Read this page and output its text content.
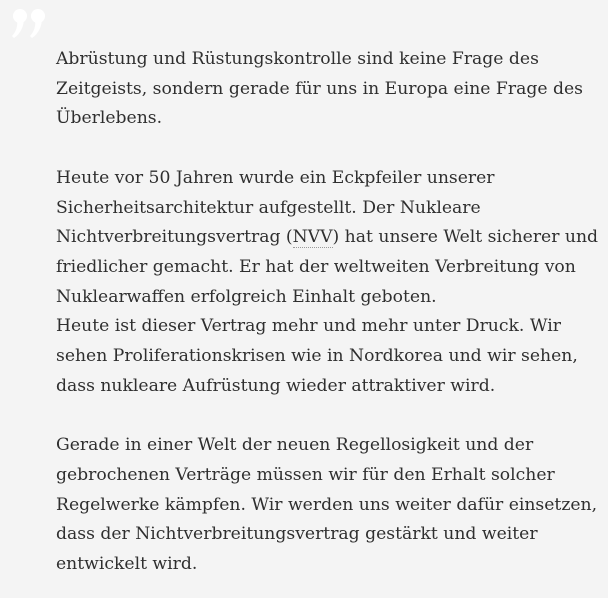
Abrüstung und Rüstungskontrolle sind keine Frage des
Zeitgeists, sondern gerade für uns in Europa eine Frage des
Überlebens.

Heute vor 50 Jahren wurde ein Eckpfeiler unserer
Sicherheitsarchitektur aufgestellt. Der Nukleare
Nichtverbreitungsvertrag (NVV) hat unsere Welt sicherer und
friedlicher gemacht. Er hat der weltweiten Verbreitung von
Nuklearwaffen erfolgreich Einhalt geboten.
Heute ist dieser Vertrag mehr und mehr unter Druck. Wir
sehen Proliferationskrisen wie in Nordkorea und wir sehen,
dass nukleare Aufrüstung wieder attraktiver wird.

Gerade in einer Welt der neuen Regellosigkeit und der
gebrochenen Verträge müssen wir für den Erhalt solcher
Regelwerke kämpfen. Wir werden uns weiter dafür einsetzen,
dass der Nichtverbreitungsvertrag gestärkt und weiter
entwickelt wird.
